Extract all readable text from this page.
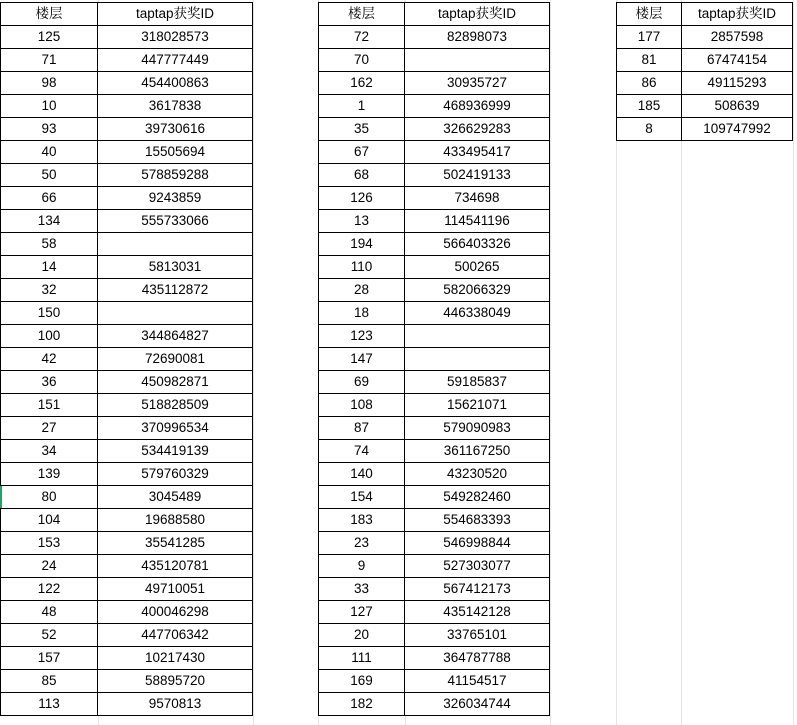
楼层	taptap获奖ID
125	318028573
71	447777449
98	454400863
10	3617838
93	39730616
40	15505694
50	578859288
66	9243859
134	555733066
58	
14	5813031
32	435112872
150	
100	344864827
42	72690081
36	450982871
151	518828509
27	370996534
34	534419139
139	579760329
80	3045489
104	19688580
153	35541285
24	435120781
122	49710051
48	400046298
52	447706342
157	10217430
85	58895720
113	9570813
楼层	taptap获奖ID
72	82898073
70	
162	30935727
1	468936999
35	326629283
67	433495417
68	502419133
126	734698
13	114541196
194	566403326
110	500265
28	582066329
18	446338049
123	
147	
69	59185837
108	15621071
87	579090983
74	361167250
140	43230520
154	549282460
183	554683393
23	546998844
9	527303077
33	567412173
127	435142128
20	33765101
111	364787788
169	41154517
182	326034744
楼层	taptap获奖ID
177	2857598
81	67474154
86	49115293
185	508639
8	109747992
